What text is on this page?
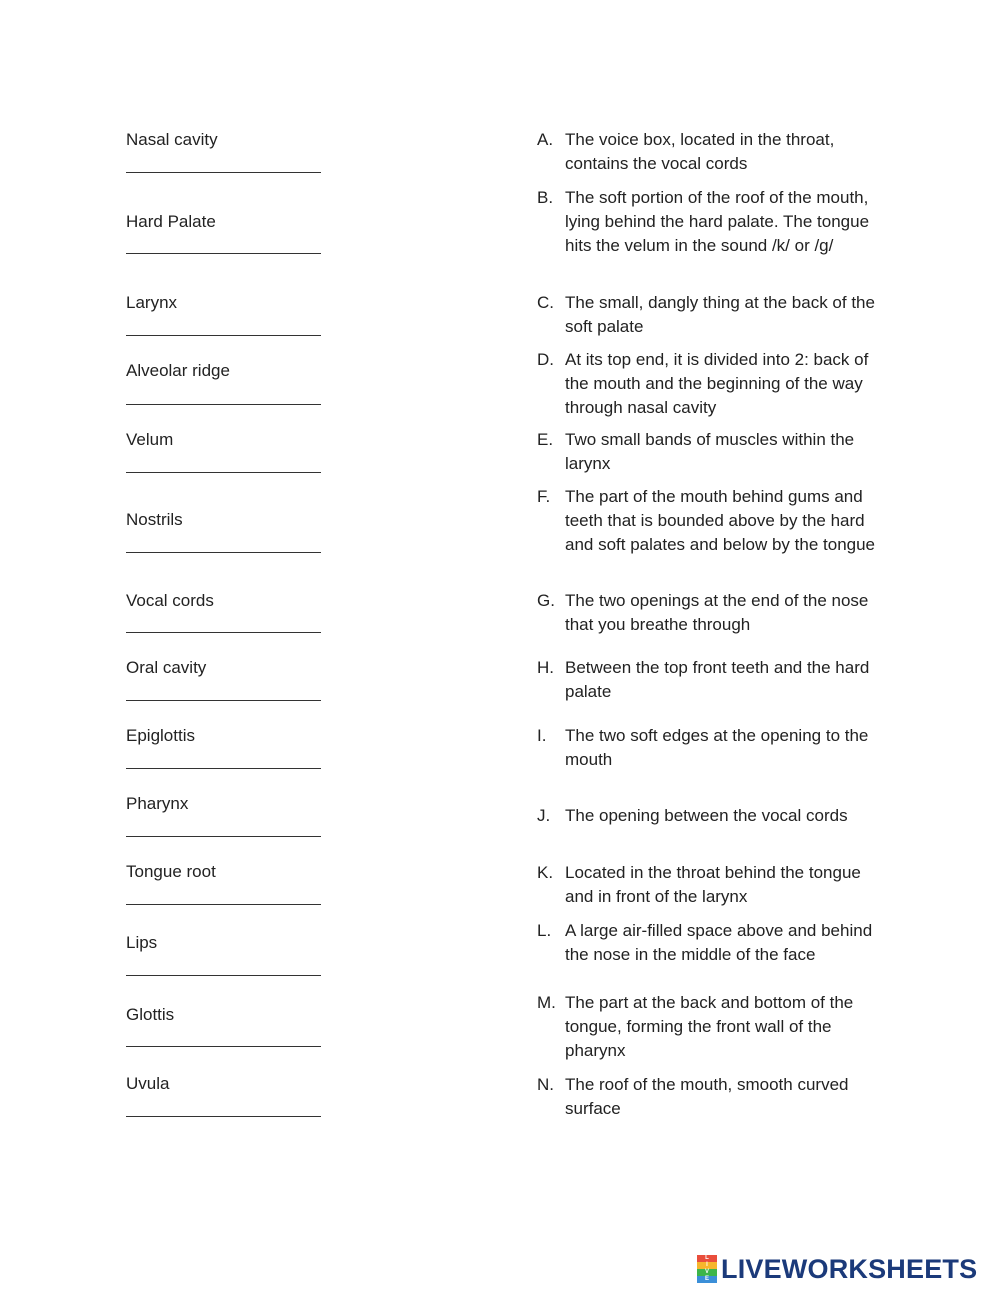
Nasal cavity
Hard Palate
Larynx
Alveolar ridge
Velum
Nostrils
Vocal cords
Oral cavity
Epiglottis
Pharynx
Tongue root
Lips
Glottis
Uvula
A. The voice box, located in the throat, contains the vocal cords
B. The soft portion of the roof of the mouth, lying behind the hard palate. The tongue hits the velum in the sound /k/ or /g/
C. The small, dangly thing at the back of the soft palate
D. At its top end, it is divided into 2: back of the mouth and the beginning of the way through nasal cavity
E. Two small bands of muscles within the larynx
F. The part of the mouth behind gums and teeth that is bounded above by the hard and soft palates and below by the tongue
G. The two openings at the end of the nose that you breathe through
H. Between the top front teeth and the hard palate
I.	The two soft edges at the opening to the mouth
J. The opening between the vocal cords
K. Located in the throat behind the tongue and in front of the larynx
L. A large air-filled space above and behind the nose in the middle of the face
M. The part at the back and bottom of the tongue, forming the front wall of the pharynx
N. The roof of the mouth, smooth curved surface
L
I
V
E LIVEWORKSHEETS
